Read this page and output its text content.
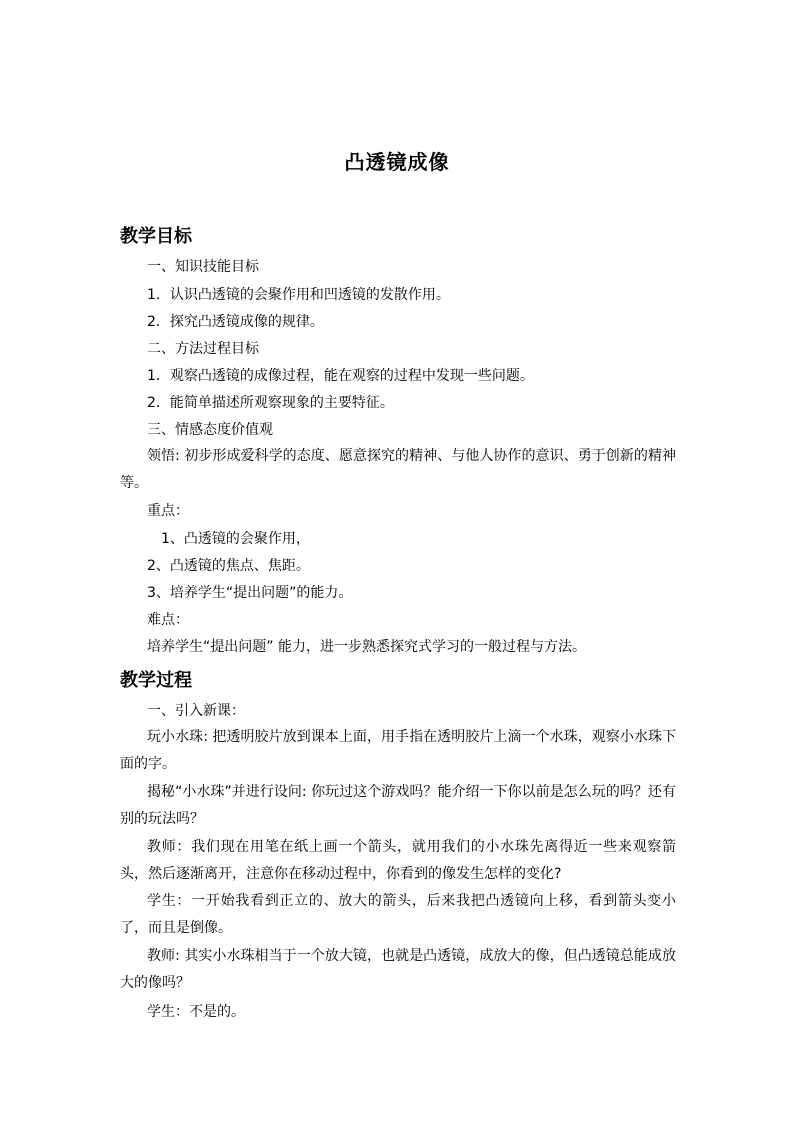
凸透镜成像
教学目标
一、知识技能目标
1．认识凸透镜的会聚作用和凹透镜的发散作用。
2．探究凸透镜成像的规律。
二、方法过程目标
1．观察凸透镜的成像过程，能在观察的过程中发现一些问题。
2．能简单描述所观察现象的主要特征。
三、情感态度价值观
领悟: 初步形成爱科学的态度、愿意探究的精神、与他人协作的意识、勇于创新的精神等。
重点：
1、凸透镜的会聚作用，
2、凸透镜的焦点、焦距。
3、培养学生“提出问题”的能力。
难点：
培养学生“提出问题” 能力，进一步熟悉探究式学习的一般过程与方法。
教学过程
一、引入新课：
玩小水珠: 把透明胶片放到课本上面，用手指在透明胶片上滴一个水珠，观察小水珠下面的字。
揭秘“小水珠”并进行设问: 你玩过这个游戏吗？能介绍一下你以前是怎么玩的吗？还有别的玩法吗？
教师：我们现在用笔在纸上画一个箭头，就用我们的小水珠先离得近一些来观察箭头，然后逐渐离开，注意你在移动过程中，你看到的像发生怎样的变化?
学生：一开始我看到正立的、放大的箭头，后来我把凸透镜向上移，看到箭头变小了，而且是倒像。
教师: 其实小水珠相当于一个放大镜，也就是凸透镜，成放大的像，但凸透镜总能成放大的像吗？
学生：不是的。
